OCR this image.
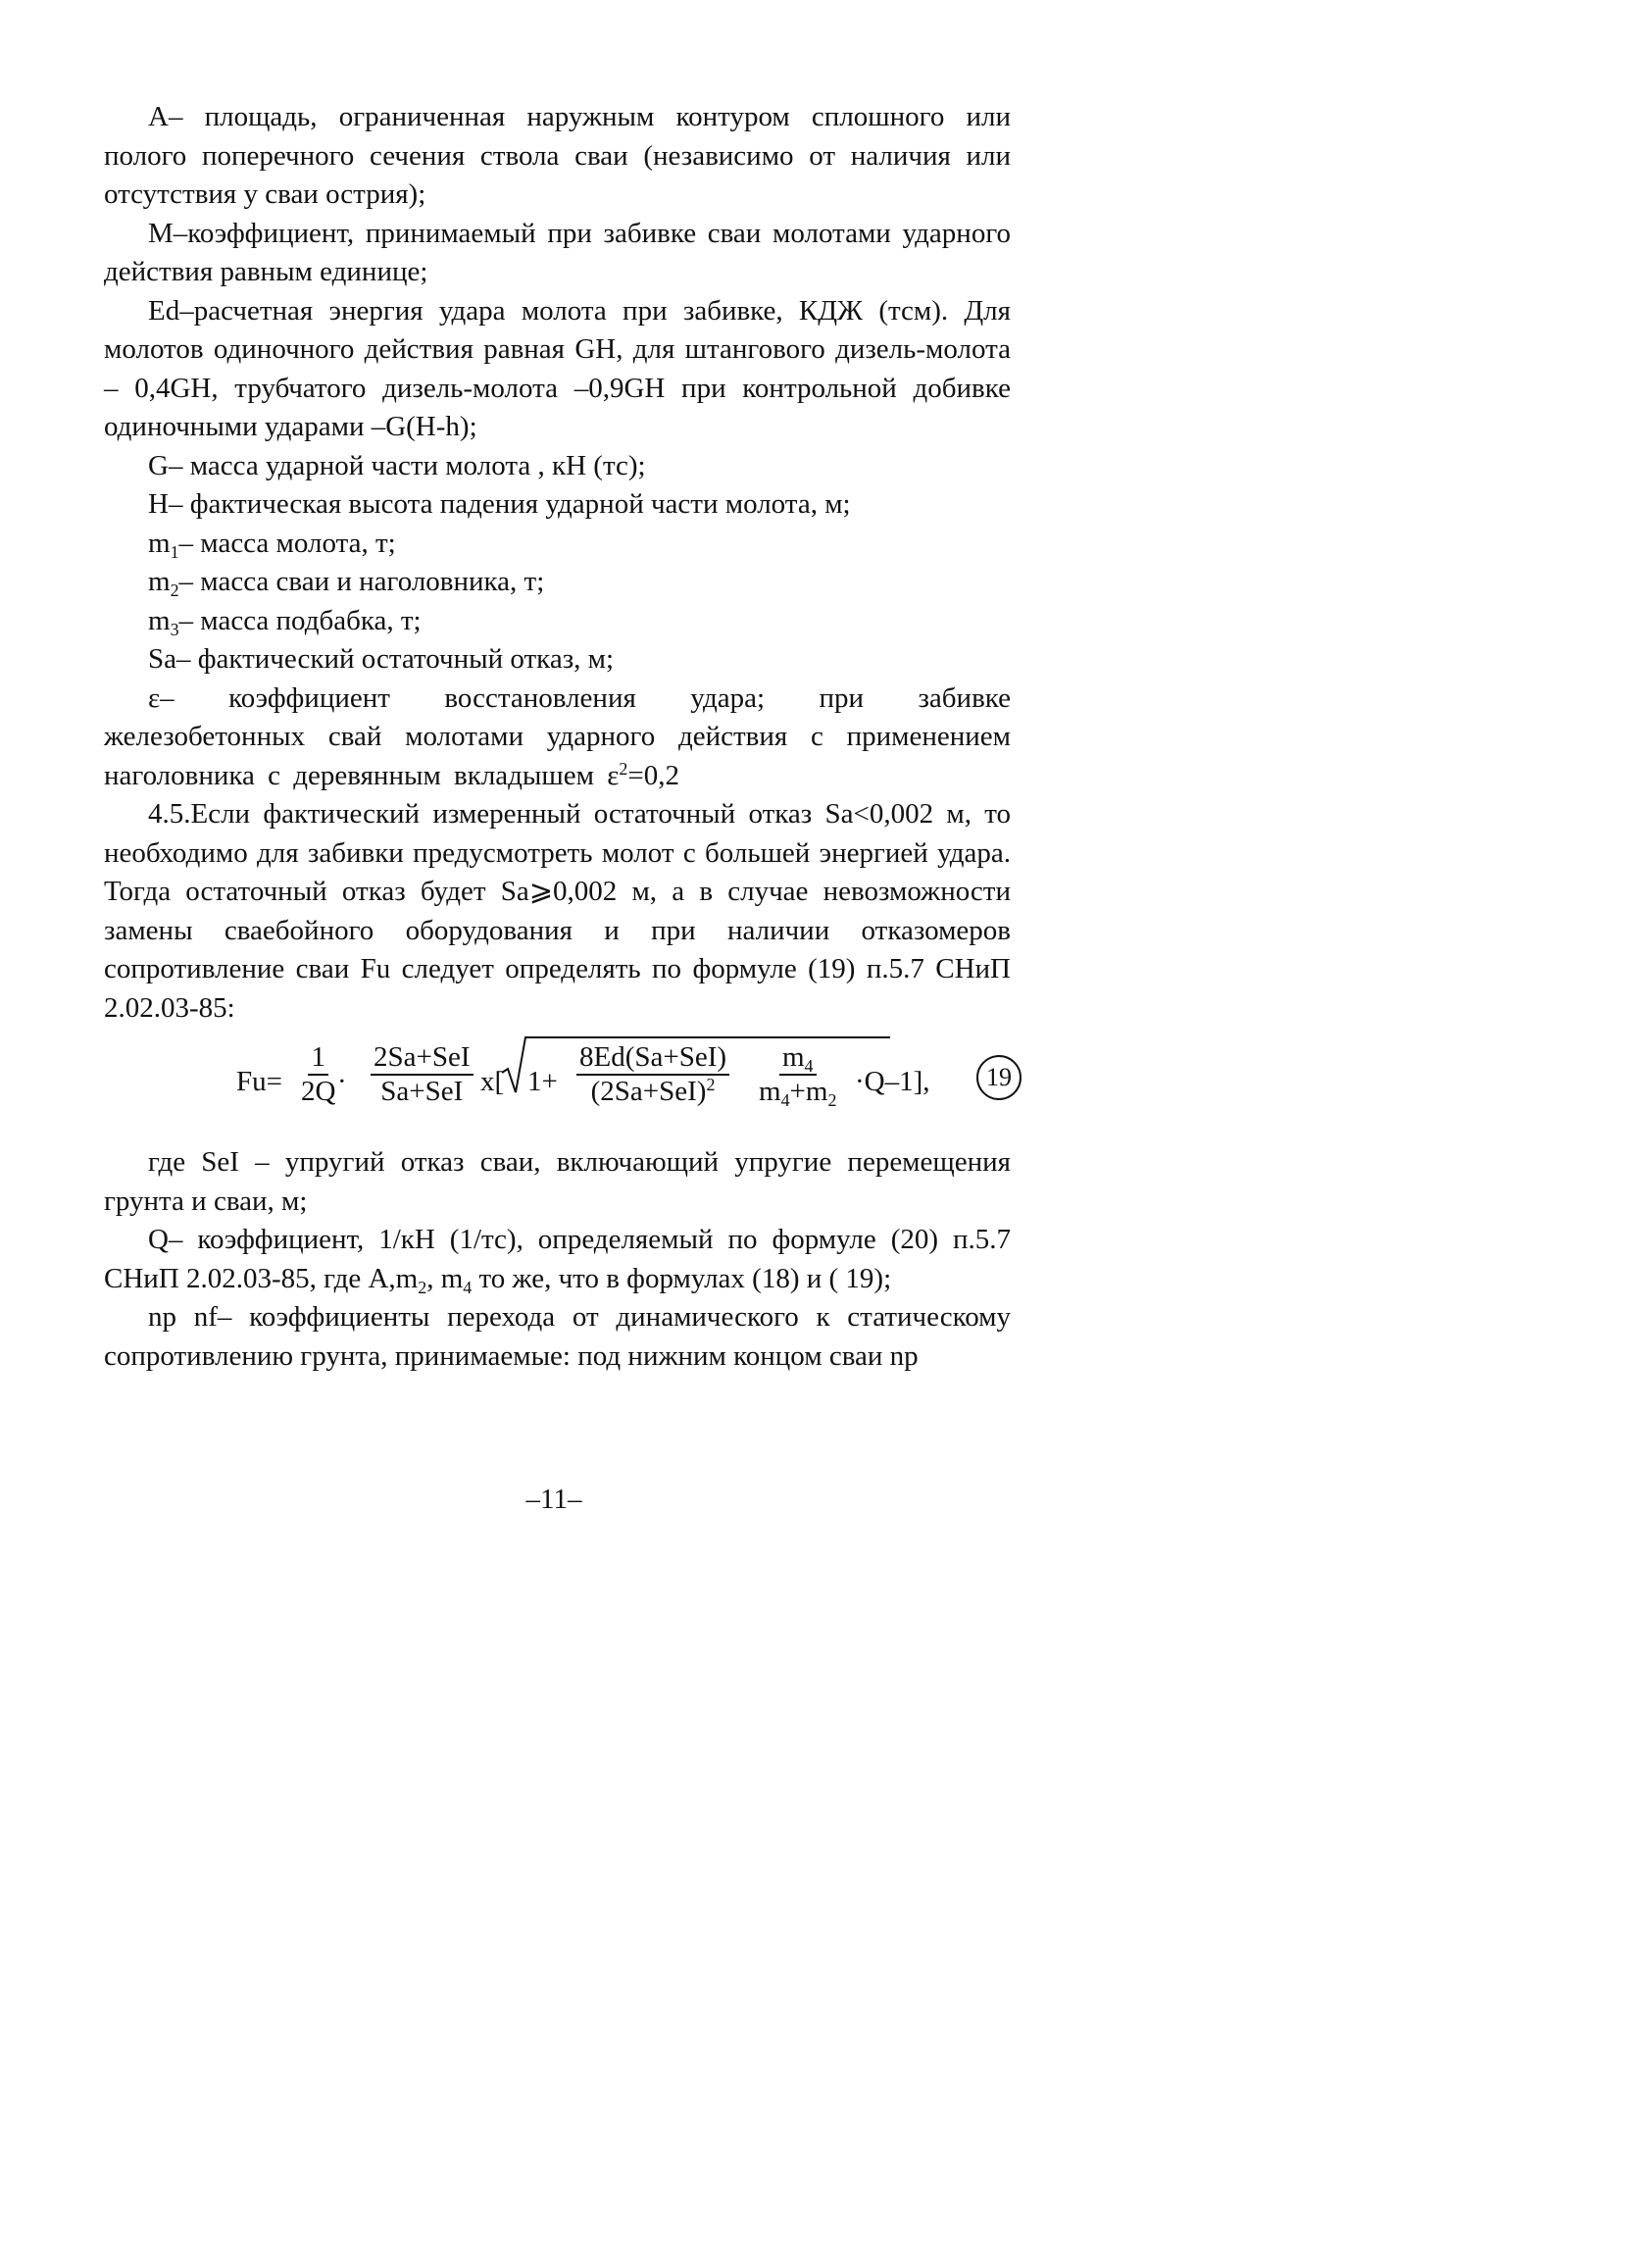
А– площадь, ограниченная наружным контуром сплошного или полого поперечного сечения ствола сваи (независимо от наличия или отсутствия у сваи острия);

М–коэффициент, принимаемый при забивке сваи молотами ударного действия равным единице;

Ed–расчетная энергия удара молота при забивке, КДЖ (тсм). Для молотов одиночного действия равная GH, для штангового дизель-молота – 0,4GH, трубчатого дизель-молота –0,9GH при контрольной добивке одиночными ударами –G(H-h);

G– масса ударной части молота , кН (тс);

Н– фактическая высота падения ударной части молота, м;

$m_1-$ масса молота, т;

$m_2-$ масса сваи и наголовника, т;

$m_3-$ масса подбабка, т;

Sa– фактический остаточный отказ, м;

ε– коэффициент восстановления удара; при забивке железобетонных свай молотами ударного действия с применением наголовника с деревянным вкладышем $\varepsilon^2=0,2$

4.5.Если фактический измеренный остаточный отказ Sa<0,002 м, то необходимо для забивки предусмотреть молот с большей энергией удара. Тогда остаточный отказ будет Sa⩾0,002 м, а в случае невозможности замены сваебойного оборудования и при наличии отказомеров сопротивление сваи Fu следует определять по формуле (19) п.5.7 СНиП 2.02.03-85:

$Fu= \frac{1}{2Q}$
·
2Sa+SeI
Sa+SeI x[ 1+
8Ed(Sa+SeI)
$(2Sa+SeI)^2 \frac{m_4}{m_4+m_2} \cdot Q-1$],	19

где SeI – упругий отказ сваи, включающий упругие перемещения грунта и сваи, м;

Q– коэффициент, 1/кН (1/тс), определяемый по формуле (20) п.5.7 СНиП 2.02.03-85, где $А,m_2$, $m_4$ то же, что в формулах (18) и ( 19);

np nf– коэффициенты перехода от динамического к статическому сопротивлению грунта, принимаемые: под нижним концом сваи np

–11–
